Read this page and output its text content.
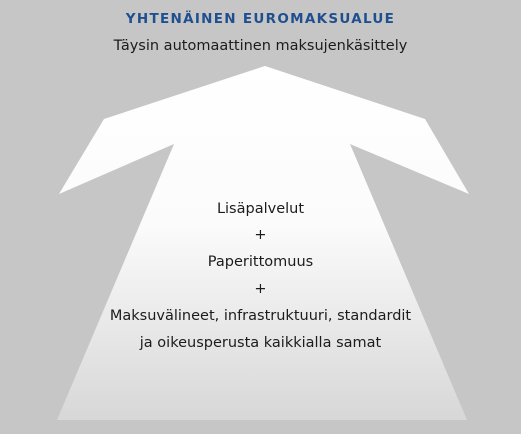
YHTENÄINEN EUROMAKSUALUE
Täysin automaattinen maksujenkäsittely
Lisäpalvelut
+
Paperittomuus
+
Maksuvälineet, infrastruktuuri, standardit
ja oikeusperusta kaikkialla samat
